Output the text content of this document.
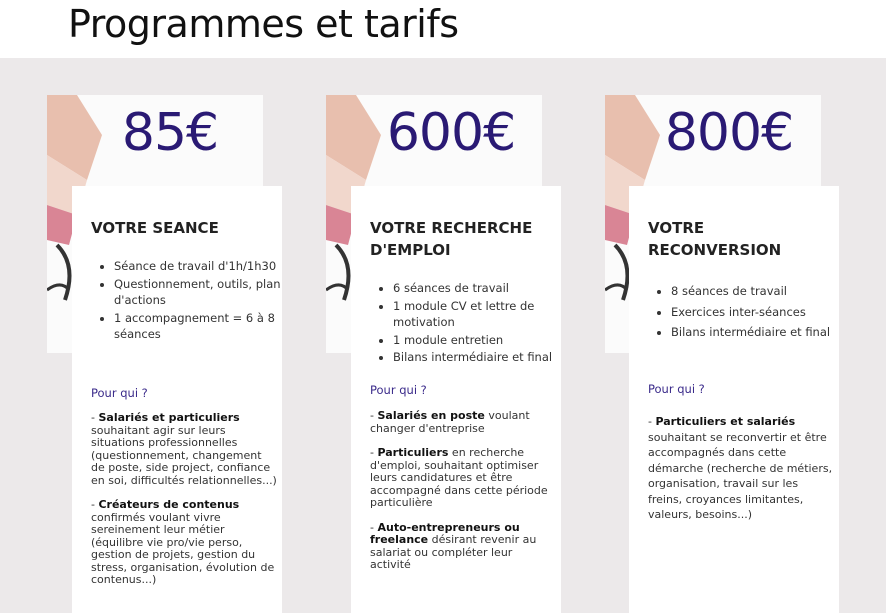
Programmes et tarifs
85€
VOTRE SEANCE
• Séance de travail d'1h/1h30
• Questionnement, outils, plan d'actions
• 1 accompagnement = 6 à 8 séances

Pour qui ?

- Salariés et particuliers souhaitant agir sur leurs situations professionnelles (questionnement, changement de poste, side project, confiance en soi, difficultés relationnelles...)

- Créateurs de contenus confirmés voulant vivre sereinement leur métier (équilibre vie pro/vie perso, gestion de projets, gestion du stress, organisation, évolution de contenus...)

600€
VOTRE RECHERCHE
D'EMPLOI
• 6 séances de travail
• 1 module CV et lettre de motivation
• 1 module entretien
• Bilans intermédiaire et final

Pour qui ?

- Salariés en poste voulant changer d'entreprise

- Particuliers en recherche d'emploi, souhaitant optimiser leurs candidatures et être accompagné dans cette période particulière

- Auto-entrepreneurs ou freelance désirant revenir au salariat ou compléter leur activité

800€
VOTRE
RECONVERSION
• 8 séances de travail
• Exercices inter-séances
• Bilans intermédiaire et final

Pour qui ?

- Particuliers et salariés souhaitant se reconvertir et être accompagnés dans cette démarche (recherche de métiers, organisation, travail sur les freins, croyances limitantes, valeurs, besoins...)
